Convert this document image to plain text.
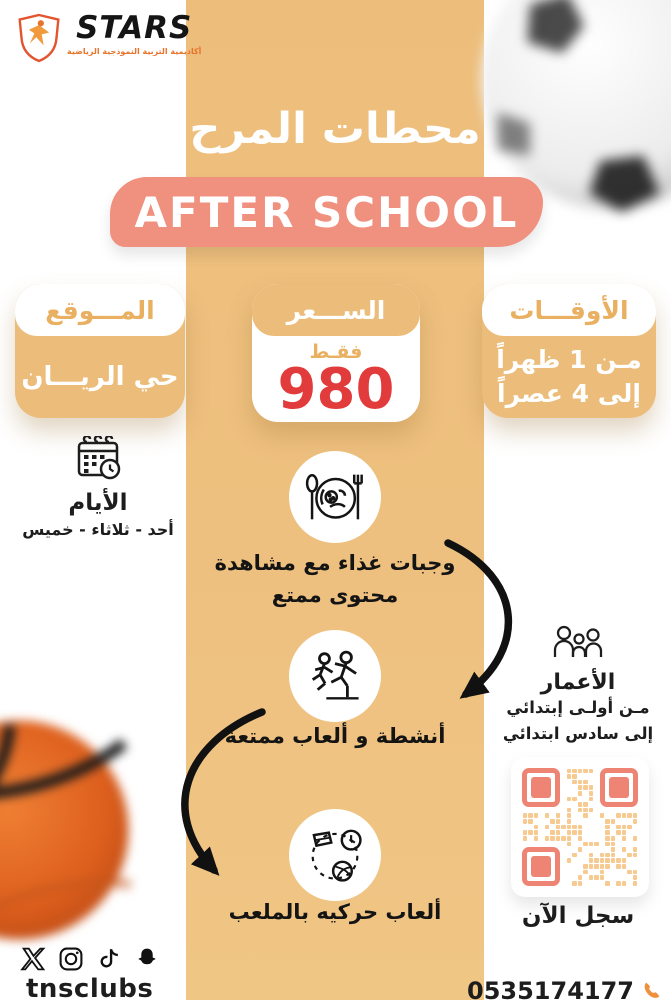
STARS
أكاديمية التربية النموذجية الرياضية
محطات المرح
AFTER SCHOOL
المـــوقع
حي الريـــان
الســـعر
فقـط
980
الأوقـــات
مـن 1 ظهراً
إلى 4 عصراً
الأيام
أحد - ثلاثاء - خميس
وجبات غذاء مع مشاهدة
محتوى ممتع
أنشطة و ألعاب ممتعة
ألعاب حركيه بالملعب
الأعمار
مـن أولـى إبتدائي
إلى سادس ابتدائي
سجل الآن
tnsclubs	0535174177
